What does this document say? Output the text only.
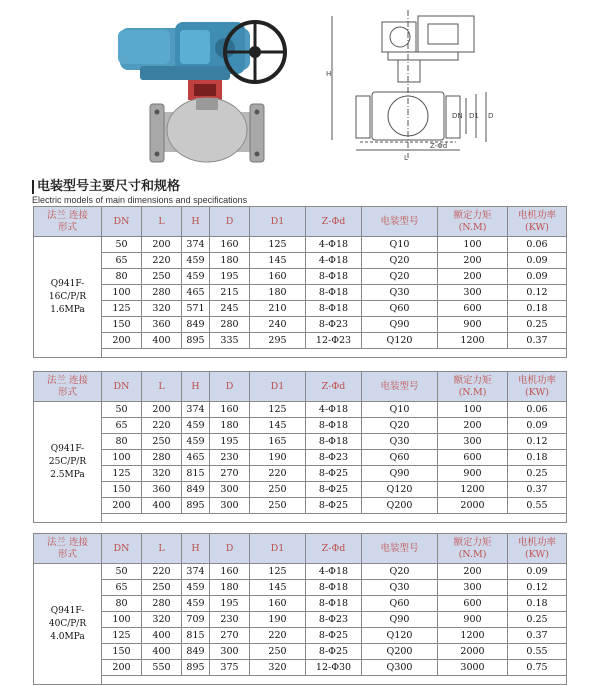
H
D
D1
DN
L
Z-Φd
电装型号主要尺寸和规格
Electric models of main dimensions and specifications
法兰 连接形式	DN	L	H	D	D1	Z-Φd	电装型号	额定力矩
(N.M)	电机功率
(KW)

Q941F-
16C/P/R
1.6MPa	50	200	374	160	125	4-Φ18	Q10	100	0.06
	65	220	459	180	145	4-Φ18	Q20	200	0.09
	80	250	459	195	160	8-Φ18	Q20	200	0.09
	100	280	465	215	180	8-Φ18	Q30	300	0.12
	125	320	571	245	210	8-Φ18	Q60	600	0.18
	150	360	849	280	240	8-Φ23	Q90	900	0.25
	200	400	895	335	295	12-Φ23	Q120	1200	0.37

法兰 连接形式	DN	L	H	D	D1	Z-Φd	电装型号	额定力矩
(N.M)	电机功率
(KW)

Q941F-
25C/P/R
2.5MPa	50	200	374	160	125	4-Φ18	Q10	100	0.06
	65	220	459	180	145	8-Φ18	Q20	200	0.09
	80	250	459	195	165	8-Φ18	Q30	300	0.12
	100	280	465	230	190	8-Φ23	Q60	600	0.18
	125	320	815	270	220	8-Φ25	Q90	900	0.25
	150	360	849	300	250	8-Φ25	Q120	1200	0.37
	200	400	895	300	250	8-Φ25	Q200	2000	0.55

法兰 连接形式	DN	L	H	D	D1	Z-Φd	电装型号	额定力矩
(N.M)	电机功率
(KW)

Q941F-
40C/P/R
4.0MPa	50	220	374	160	125	4-Φ18	Q20	200	0.09
	65	250	459	180	145	8-Φ18	Q30	300	0.12
	80	280	459	195	160	8-Φ18	Q60	600	0.18
	100	320	709	230	190	8-Φ23	Q90	900	0.25
	125	400	815	270	220	8-Φ25	Q120	1200	0.37
	150	400	849	300	250	8-Φ25	Q200	2000	0.55
	200	550	895	375	320	12-Φ30	Q300	3000	0.75
